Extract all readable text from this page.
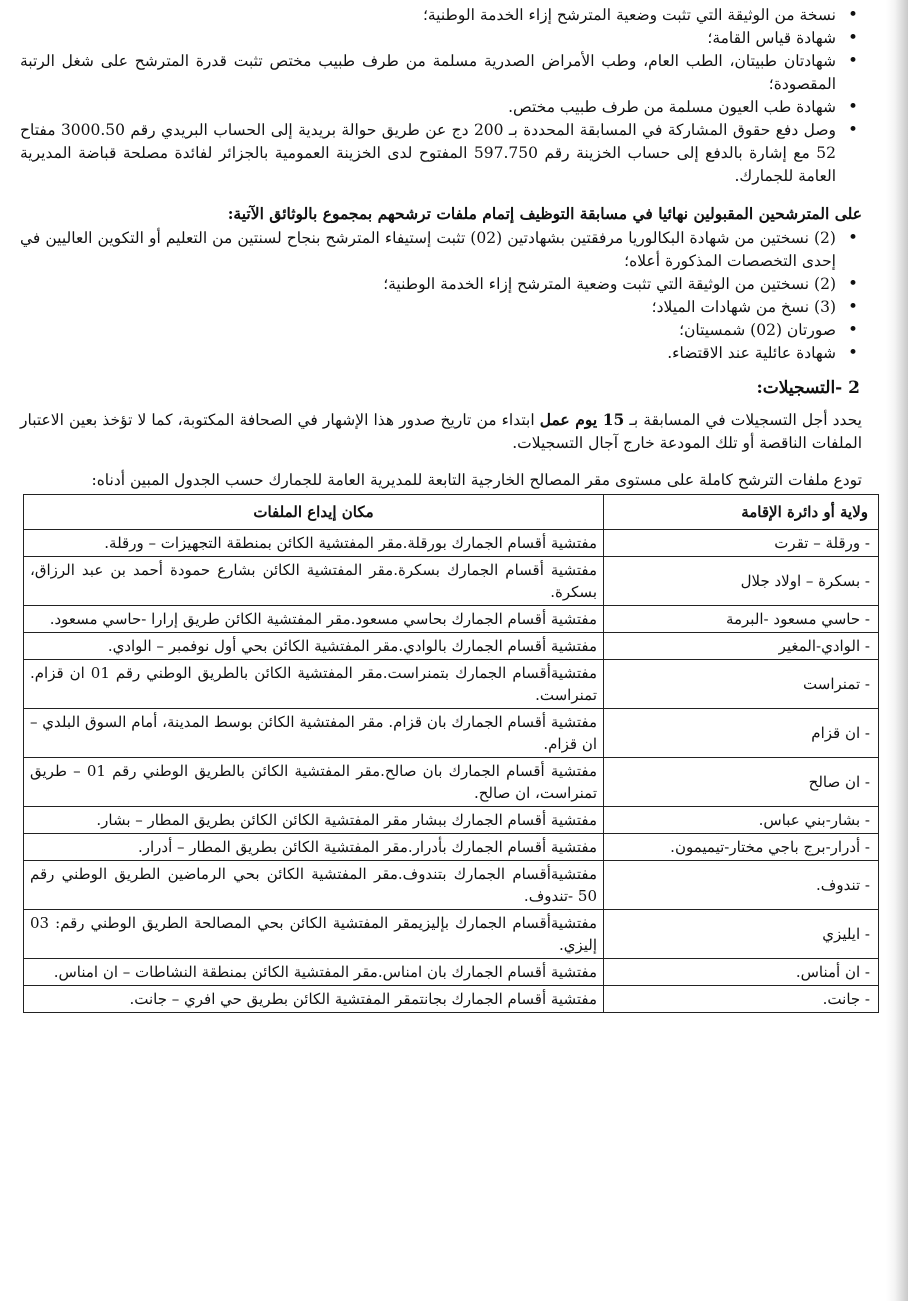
• نسخة من الوثيقة التي تثبت وضعية المترشح إزاء الخدمة الوطنية؛
• شهادة قياس القامة؛
• شهادتان طبيتان، الطب العام، وطب الأمراض الصدرية مسلمة من طرف طبيب مختص تثبت قدرة المترشح على شغل الرتبة المقصودة؛
• شهادة طب العيون مسلمة من طرف طبيب مختص.
• وصل دفع حقوق المشاركة في المسابقة المحددة بـ 200 دج عن طريق حوالة بريدية إلى الحساب البريدي رقم 3000.50 مفتاح 52 مع إشارة بالدفع إلى حساب الخزينة رقم 597.750 المفتوح لدى الخزينة العمومية بالجزائر لفائدة مصلحة قباضة المديرية العامة للجمارك.
على المترشحين المقبولين نهائيا في مسابقة التوظيف إتمام ملفات ترشحهم بمجموع بالوثائق الآتية:
• (2) نسختين من شهادة البكالوريا مرفقتين بشهادتين (02) تثبت إستيفاء المترشح بنجاح لسنتين من التعليم أو التكوين العاليين في إحدى التخصصات المذكورة أعلاه؛
• (2) نسختين من الوثيقة التي تثبت وضعية المترشح إزاء الخدمة الوطنية؛
• (3) نسخ من شهادات الميلاد؛
• صورتان (02) شمسيتان؛
• شهادة عائلية عند الاقتضاء.
2 -التسجيلات:

يحدد أجل التسجيلات في المسابقة بـ 15 يوم عمل ابتداء من تاريخ صدور هذا الإشهار في الصحافة المكتوبة، كما لا تؤخذ بعين الاعتبار الملفات الناقصة أو تلك المودعة خارج آجال التسجيلات.

تودع ملفات الترشح كاملة على مستوى مقر المصالح الخارجية التابعة للمديرية العامة للجمارك حسب الجدول المبين أدناه:

ولاية أو دائرة الإقامة	مكان إيداع الملفات
- ورقلة – تقرت	مفتشية أقسام الجمارك بورقلة.مقر المفتشية الكائن بمنطقة التجهيزات – ورقلة.
- بسكرة – اولاد جلال	مفتشية أقسام الجمارك بسكرة.مقر المفتشية الكائن بشارع حمودة أحمد بن عبد الرزاق، بسكرة.
- حاسي مسعود -البرمة	مفتشية أقسام الجمارك بحاسي مسعود.مقر المفتشية الكائن طريق إرارا -حاسي مسعود.
- الوادي-المغير	مفتشية أقسام الجمارك بالوادي.مقر المفتشية الكائن بحي أول نوفمبر – الوادي.
- تمنراست	مفتشيةأقسام الجمارك بتمنراست.مقر المفتشية الكائن بالطريق الوطني رقم 01 ان قزام. تمنراست.
- ان قزام	مفتشية أقسام الجمارك بان قزام. مقر المفتشية الكائن بوسط المدينة، أمام السوق البلدي –ان قزام.
- ان صالح	مفتشية أقسام الجمارك بان صالح.مقر المفتشية الكائن بالطريق الوطني رقم 01 – طريق تمنراست، ان صالح.
- بشار-بني عباس.	مفتشية أقسام الجمارك ببشار مقر المفتشية الكائن الكائن بطريق المطار – بشار.
- أدرار-برج باجي مختار-تيميمون.	مفتشية أقسام الجمارك بأدرار.مقر المفتشية الكائن بطريق المطار – أدرار.
- تندوف.	مفتشيةأقسام الجمارك بتندوف.مقر المفتشية الكائن بحي الرماضين الطريق الوطني رقم 50 -تندوف.
- ايليزي	مفتشيةأقسام الجمارك بإليزيمقر المفتشية الكائن بحي المصالحة الطريق الوطني رقم: 03 إليزي.
- ان أمناس.	مفتشية أقسام الجمارك بان امناس.مقر المفتشية الكائن بمنطقة النشاطات – ان امناس.
- جانت.	مفتشية أقسام الجمارك بجانتمقر المفتشية الكائن بطريق حي افري – جانت.
